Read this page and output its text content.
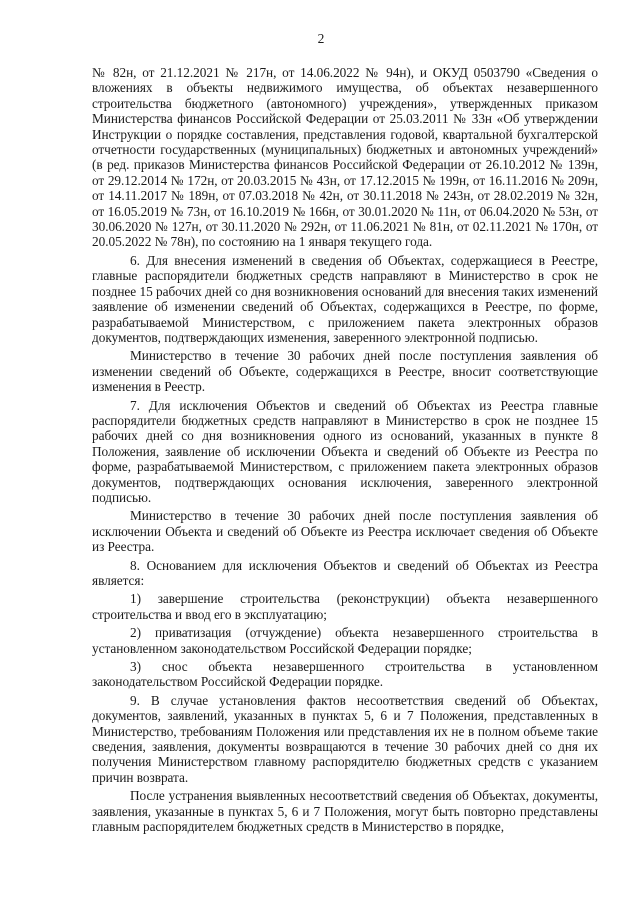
2

№ 82н, от 21.12.2021 № 217н, от 14.06.2022 № 94н), и ОКУД 0503790 «Сведения о вложениях в объекты недвижимого имущества, об объектах незавершенного строительства бюджетного (автономного) учреждения», утвержденных приказом Министерства финансов Российской Федерации от 25.03.2011 № 33н «Об утверждении Инструкции о порядке составления, представления годовой, квартальной бухгалтерской отчетности государственных (муниципальных) бюджетных и автономных учреждений» (в ред. приказов Министерства финансов Российской Федерации от 26.10.2012 № 139н, от 29.12.2014 № 172н, от 20.03.2015 № 43н, от 17.12.2015 № 199н, от 16.11.2016 № 209н, от 14.11.2017 № 189н, от 07.03.2018 № 42н, от 30.11.2018 № 243н, от 28.02.2019 № 32н, от 16.05.2019 № 73н, от 16.10.2019 № 166н, от 30.01.2020 № 11н, от 06.04.2020 № 53н, от 30.06.2020 № 127н, от 30.11.2020 № 292н, от 11.06.2021 № 81н, от 02.11.2021 № 170н, от 20.05.2022 № 78н), по состоянию на 1 января текущего года.

6. Для внесения изменений в сведения об Объектах, содержащиеся в Реестре, главные распорядители бюджетных средств направляют в Министерство в срок не позднее 15 рабочих дней со дня возникновения оснований для внесения таких изменений заявление об изменении сведений об Объектах, содержащихся в Реестре, по форме, разрабатываемой Министерством, с приложением пакета электронных образов документов, подтверждающих изменения, заверенного электронной подписью.

Министерство в течение 30 рабочих дней после поступления заявления об изменении сведений об Объекте, содержащихся в Реестре, вносит соответствующие изменения в Реестр.

7. Для исключения Объектов и сведений об Объектах из Реестра главные распорядители бюджетных средств направляют в Министерство в срок не позднее 15 рабочих дней со дня возникновения одного из оснований, указанных в пункте 8 Положения, заявление об исключении Объекта и сведений об Объекте из Реестра по форме, разрабатываемой Министерством, с приложением пакета электронных образов документов, подтверждающих основания исключения, заверенного электронной подписью.

Министерство в течение 30 рабочих дней после поступления заявления об исключении Объекта и сведений об Объекте из Реестра исключает сведения об Объекте из Реестра.

8. Основанием для исключения Объектов и сведений об Объектах из Реестра является:

1) завершение строительства (реконструкции) объекта незавершенного строительства и ввод его в эксплуатацию;

2) приватизация (отчуждение) объекта незавершенного строительства в установленном законодательством Российской Федерации порядке;

3) снос объекта незавершенного строительства в установленном законодательством Российской Федерации порядке.

9. В случае установления фактов несоответствия сведений об Объектах, документов, заявлений, указанных в пунктах 5, 6 и 7 Положения, представленных в Министерство, требованиям Положения или представления их не в полном объеме такие сведения, заявления, документы возвращаются в течение 30 рабочих дней со дня их получения Министерством главному распорядителю бюджетных средств с указанием причин возврата.

После устранения выявленных несоответствий сведения об Объектах, документы, заявления, указанные в пунктах 5, 6 и 7 Положения, могут быть повторно представлены главным распорядителем бюджетных средств в Министерство в порядке,
